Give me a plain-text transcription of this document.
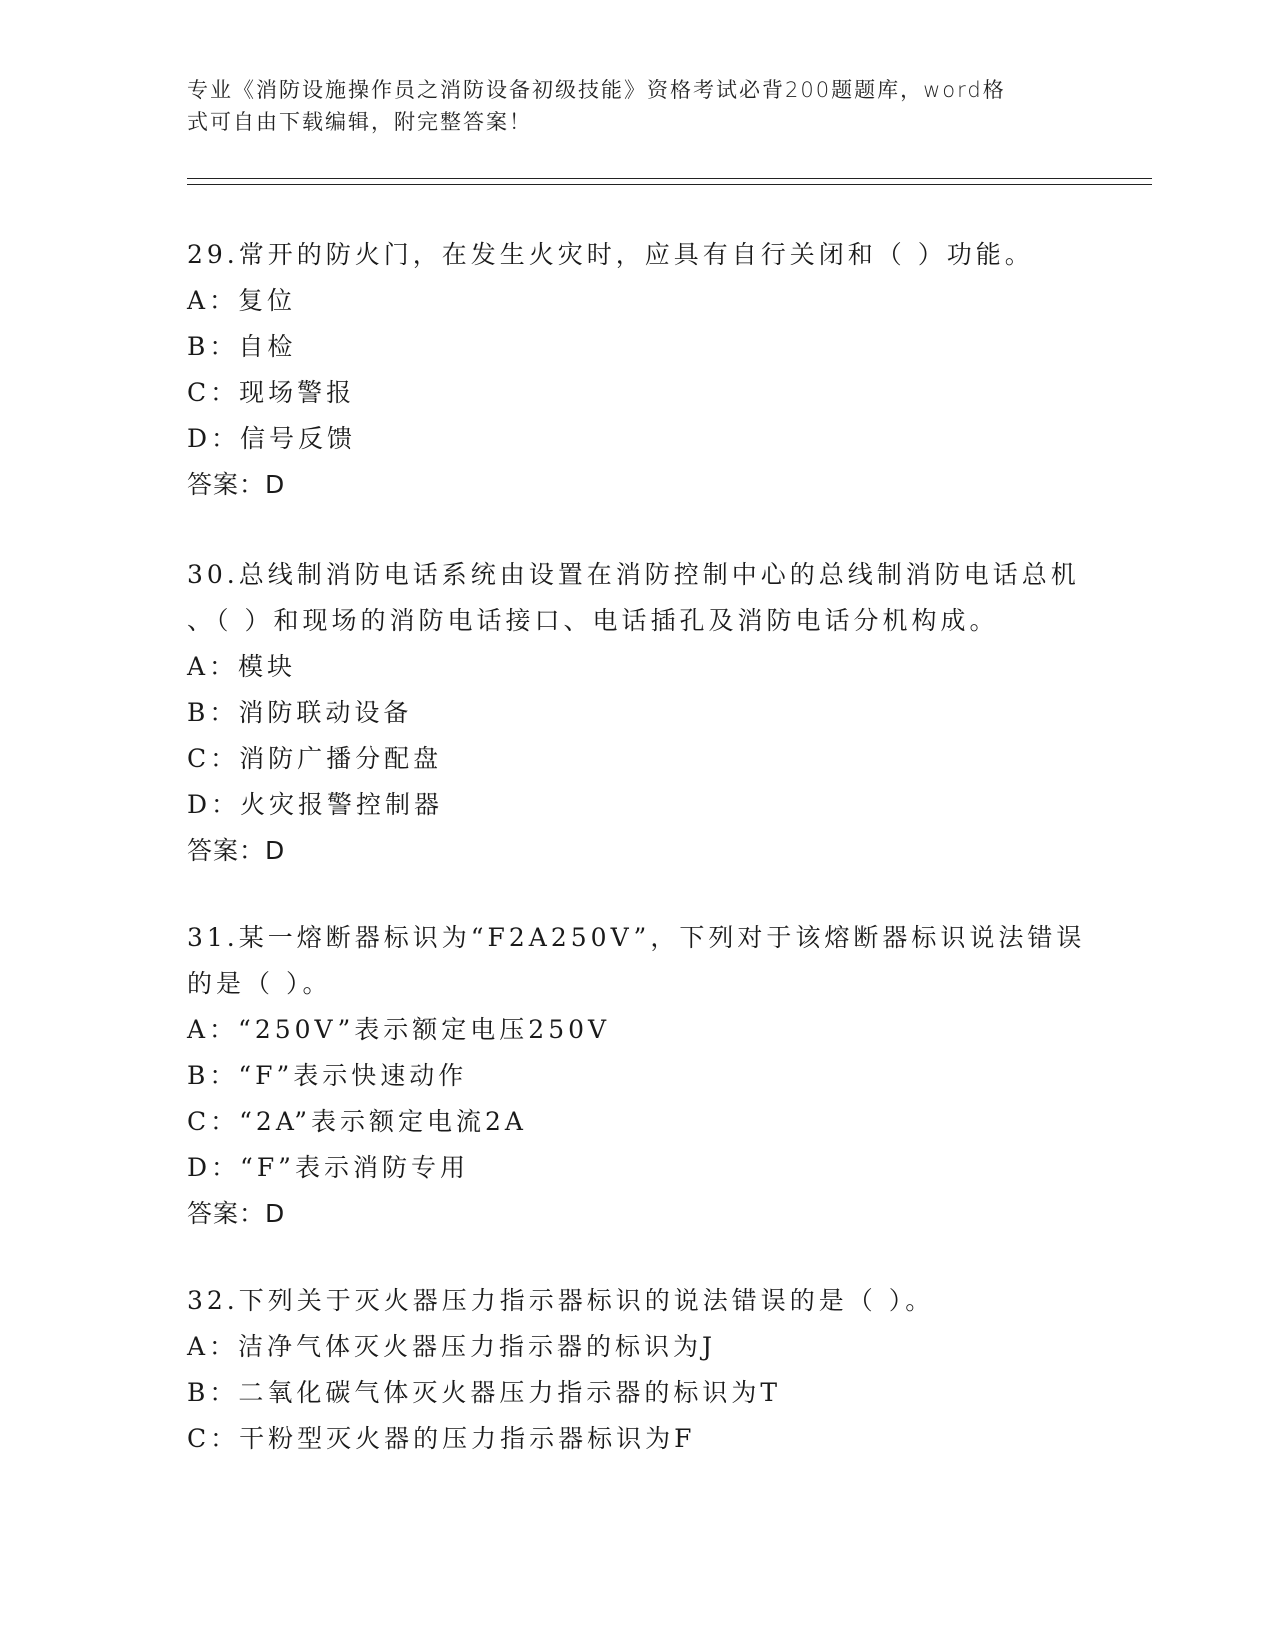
专业《消防设施操作员之消防设备初级技能》资格考试必背200题题库，word格
式可自由下载编辑，附完整答案！

29.常开的防火门，在发生火灾时，应具有自行关闭和（ ）功能。

A：复位

B：自检

C：现场警报

D：信号反馈

答案：D

30.总线制消防电话系统由设置在消防控制中心的总线制消防电话总机

、（ ）和现场的消防电话接口、电话插孔及消防电话分机构成。

A：模块

B：消防联动设备

C：消防广播分配盘

D：火灾报警控制器

答案：D

31.某一熔断器标识为“F2A250V”，下列对于该熔断器标识说法错误

的是（ ）。

A：“250V”表示额定电压250V

B：“F”表示快速动作

C：“2A”表示额定电流2A

D：“F”表示消防专用

答案：D

32.下列关于灭火器压力指示器标识的说法错误的是（ ）。

A：洁净气体灭火器压力指示器的标识为J

B：二氧化碳气体灭火器压力指示器的标识为T

C：干粉型灭火器的压力指示器标识为F
